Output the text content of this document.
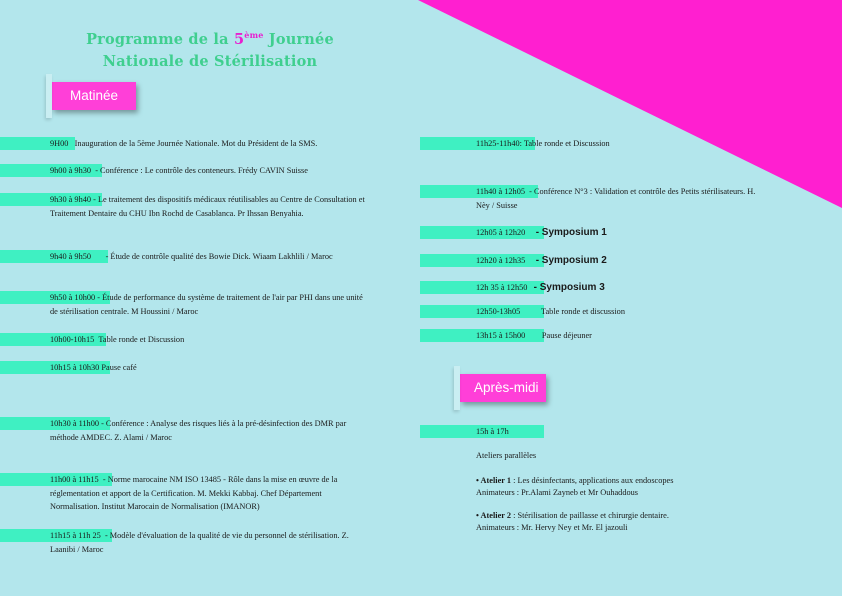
Programme de la 5ème Journée
Nationale de Stérilisation
Matinée
9H00 Inauguration de la 5ème Journée Nationale. Mot du Président de la SMS.
9h00 à 9h30 - Conférence : Le contrôle des conteneurs. Frédy CAVIN Suisse
9h30 à 9h40 - Le traitement des dispositifs médicaux réutilisables au Centre de Consultation et Traitement Dentaire du CHU Ibn Rochd de Casablanca. Pr Ihssan Benyahia.
9h40 à 9h50 - Étude de contrôle qualité des Bowie Dick. Wiaam Lakhlili / Maroc
9h50 à 10h00 - Étude de performance du système de traitement de l'air par PHI dans une unité de stérilisation centrale. M Houssini / Maroc
10h00-10h15 Table ronde et Discussion
10h15 à 10h30 Pause café
10h30 à 11h00 - Conférence : Analyse des risques liés à la pré-désinfection des DMR par méthode AMDEC. Z. Alami / Maroc
11h00 à 11h15 - Norme marocaine NM ISO 13485 - Rôle dans la mise en œuvre de la réglementation et apport de la Certification. M. Mekki Kabbaj. Chef Département Normalisation. Institut Marocain de Normalisation (IMANOR)
11h15 à 11h 25 - Modèle d'évaluation de la qualité de vie du personnel de stérilisation. Z. Laanibi / Maroc
11h25-11h40: Table ronde et Discussion
11h40 à 12h05 - Conférence N°3 : Validation et contrôle des Petits stérilisateurs. H. Nèy / Suisse
12h05 à 12h20 - Symposium 1
12h20 à 12h35 - Symposium 2
12h 35 à 12h50 - Symposium 3
12h50-13h05	Table ronde et discussion
13h15 à 15h00 Pause déjeuner
Après-midi
15h à 17h
Ateliers parallèles
• Atelier 1 : Les désinfectants, applications aux endoscopes
Animateurs : Pr.Alami Zayneb et Mr Ouhaddous
• Atelier 2 : Stérilisation de paillasse et chirurgie dentaire.
Animateurs : Mr. Hervy Ney et Mr. El jazouli
